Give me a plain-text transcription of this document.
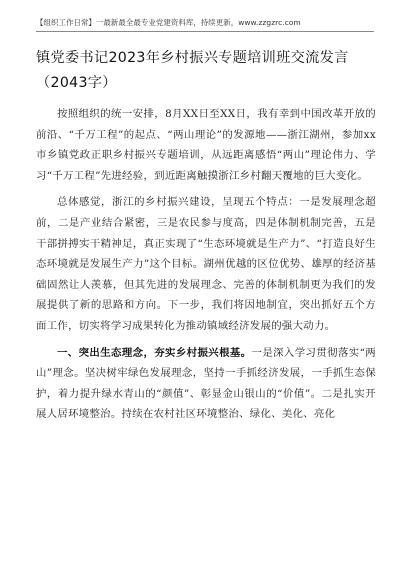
【组织工作日常】一最新最全最专业党建资料库，持续更新，www.zzgzrc.com
镇党委书记2023年乡村振兴专题培训班交流发言（2043字）

按照组织的统一安排，8月XX日至XX日，我有幸到中国改革开放的前沿、“千万工程”的起点、“两山理论”的发源地——浙江湖州，参加xx市乡镇党政正职乡村振兴专题培训，从远距离感悟“两山”理论伟力、学习“千万工程”先进经验，到近距离触摸浙江乡村翻天覆地的巨大变化。

总体感觉，浙江的乡村振兴建设，呈现五个特点：一是发展理念超前，二是产业结合紧密，三是农民参与度高，四是体制机制完善，五是干部拼搏实干精神足，真正实现了“生态环境就是生产力”、“打造良好生态环境就是发展生产力”这个目标。湖州优越的区位优势、雄厚的经济基础固然让人羡慕，但其先进的发展理念、完善的体制机制更为我们的发展提供了新的思路和方向。下一步，我们将因地制宜，突出抓好五个方面工作，切实将学习成果转化为推动镇域经济发展的强大动力。

一、突出生态理念，夯实乡村振兴根基。一是深入学习贯彻落实“两山”理念。坚决树牢绿色发展理念，坚持一手抓经济发展，一手抓生态保护，着力提升绿水青山的“颜值”、彰显金山银山的“价值”。二是扎实开展人居环境整治。持续在农村社区环境整治、绿化、美化、亮化
